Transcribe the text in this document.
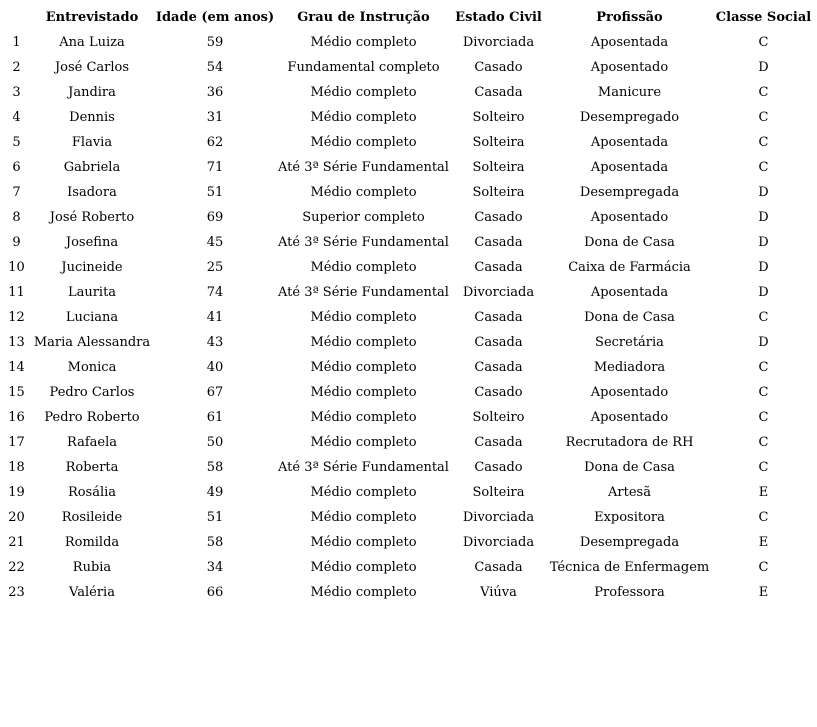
	Entrevistado	Idade (em anos)	Grau de Instrução	Estado Civil	Profissão	Classe Social
1	Ana Luiza	59	Médio completo	Divorciada	Aposentada	C
2	José Carlos	54	Fundamental completo	Casado	Aposentado	D
3	Jandira	36	Médio completo	Casada	Manicure	C
4	Dennis	31	Médio completo	Solteiro	Desempregado	C
5	Flavia	62	Médio completo	Solteira	Aposentada	C
6	Gabriela	71	Até 3ª Série Fundamental	Solteira	Aposentada	C
7	Isadora	51	Médio completo	Solteira	Desempregada	D
8	José Roberto	69	Superior completo	Casado	Aposentado	D
9	Josefina	45	Até 3ª Série Fundamental	Casada	Dona de Casa	D
10	Jucineide	25	Médio completo	Casada	Caixa de Farmácia	D
11	Laurita	74	Até 3ª Série Fundamental	Divorciada	Aposentada	D
12	Luciana	41	Médio completo	Casada	Dona de Casa	C
13	Maria Alessandra	43	Médio completo	Casada	Secretária	D
14	Monica	40	Médio completo	Casada	Mediadora	C
15	Pedro Carlos	67	Médio completo	Casado	Aposentado	C
16	Pedro Roberto	61	Médio completo	Solteiro	Aposentado	C
17	Rafaela	50	Médio completo	Casada	Recrutadora de RH	C
18	Roberta	58	Até 3ª Série Fundamental	Casado	Dona de Casa	C
19	Rosália	49	Médio completo	Solteira	Artesã	E
20	Rosileide	51	Médio completo	Divorciada	Expositora	C
21	Romilda	58	Médio completo	Divorciada	Desempregada	E
22	Rubia	34	Médio completo	Casada	Técnica de Enfermagem	C
23	Valéria	66	Médio completo	Viúva	Professora	E
